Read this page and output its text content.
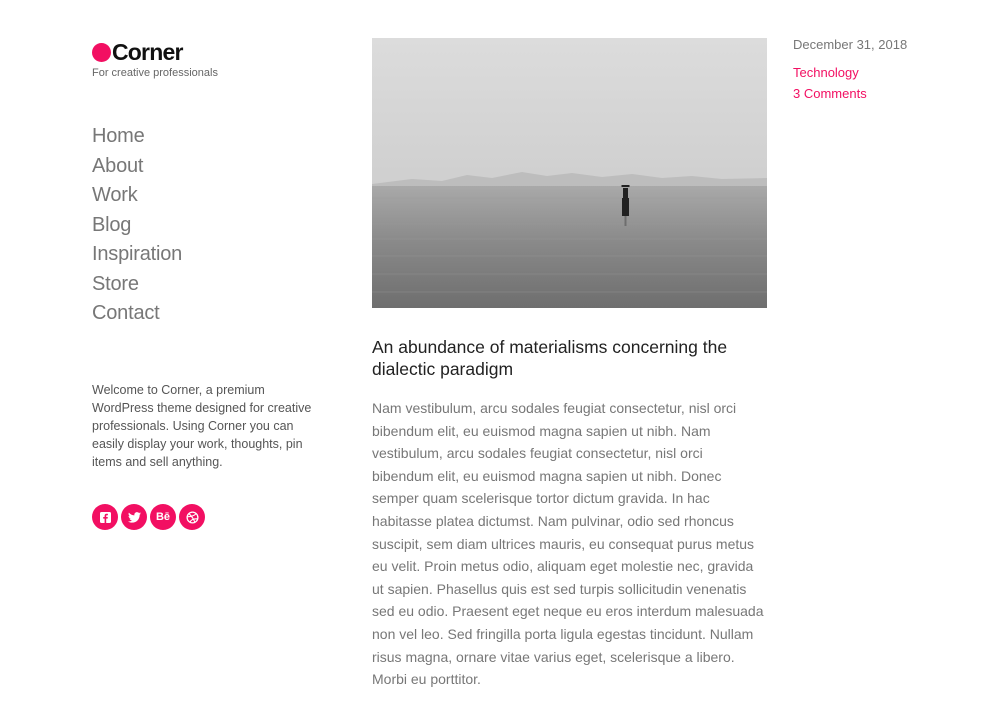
Corner
For creative professionals
Home
About
Work
Blog
Inspiration
Store
Contact

Welcome to Corner, a premium WordPress theme designed for creative professionals. Using Corner you can easily display your work, thoughts, pin items and sell anything.

Bē
An abundance of materialisms concerning the dialectic paradigm

Nam vestibulum, arcu sodales feugiat consectetur, nisl orci bibendum elit, eu euismod magna sapien ut nibh. Nam vestibulum, arcu sodales feugiat consectetur, nisl orci bibendum elit, eu euismod magna sapien ut nibh. Donec semper quam scelerisque tortor dictum gravida. In hac habitasse platea dictumst. Nam pulvinar, odio sed rhoncus suscipit, sem diam ultrices mauris, eu consequat purus metus eu velit. Proin metus odio, aliquam eget molestie nec, gravida ut sapien. Phasellus quis est sed turpis sollicitudin venenatis sed eu odio. Praesent eget neque eu eros interdum malesuada non vel leo. Sed fringilla porta ligula egestas tincidunt. Nullam risus magna, ornare vitae varius eget, scelerisque a libero. Morbi eu porttitor.

December 31, 2018
Technology
3 Comments
